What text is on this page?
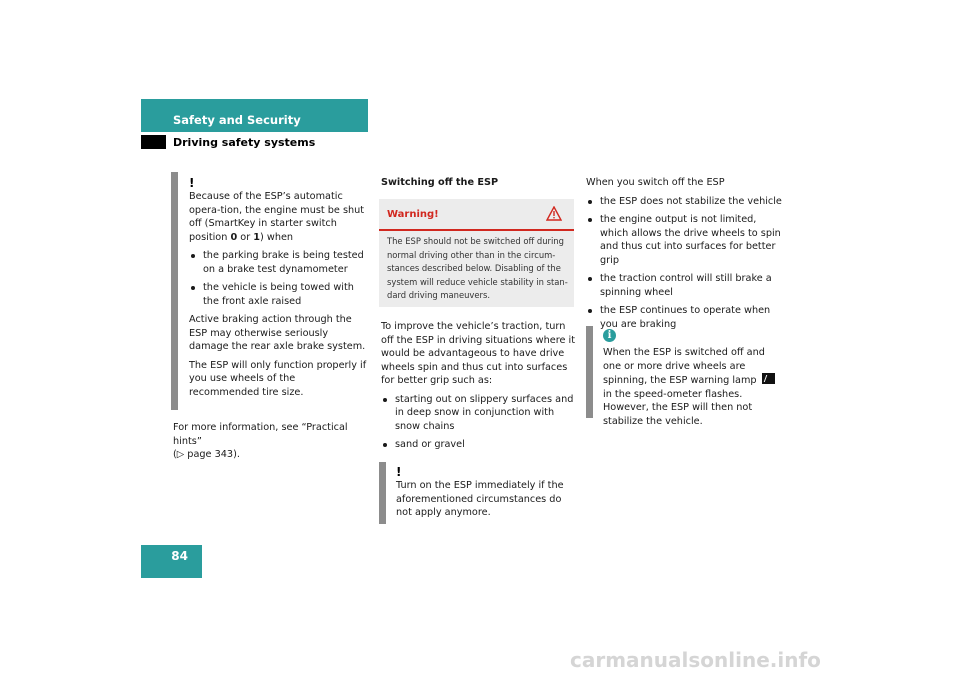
Safety and Security
Driving safety systems
!

Because of the ESP’s automatic opera-tion, the engine must be shut off (SmartKey in starter switch position 0 or 1) when

the parking brake is being tested on a brake test dynamometer
the vehicle is being towed with the front axle raised

Active braking action through the ESP may otherwise seriously damage the rear axle brake system.

The ESP will only function properly if you use wheels of the recommended tire size.

For more information, see “Practical hints”
(▷ page 343).
Switching off the ESP
Warning!
The ESP should not be switched off during normal driving other than in the circum-stances described below. Disabling of the system will reduce vehicle stability in stan-dard driving maneuvers.

To improve the vehicle’s traction, turn off the ESP in driving situations where it would be advantageous to have drive wheels spin and thus cut into surfaces for better grip such as:

starting out on slippery surfaces and in deep snow in conjunction with snow chains
sand or gravel
!

Turn on the ESP immediately if the aforementioned circumstances do not apply anymore.

When you switch off the ESP

the ESP does not stabilize the vehicle
the engine output is not limited, which allows the drive wheels to spin and thus cut into surfaces for better grip
the traction control will still brake a spinning wheel
the ESP continues to operate when you are braking
i
When the ESP is switched off and one or more drive wheels are spinning, the ESP warning lamp  in the speed-ometer flashes. However, the ESP will then not stabilize the vehicle.
84
carmanualsonline.info
